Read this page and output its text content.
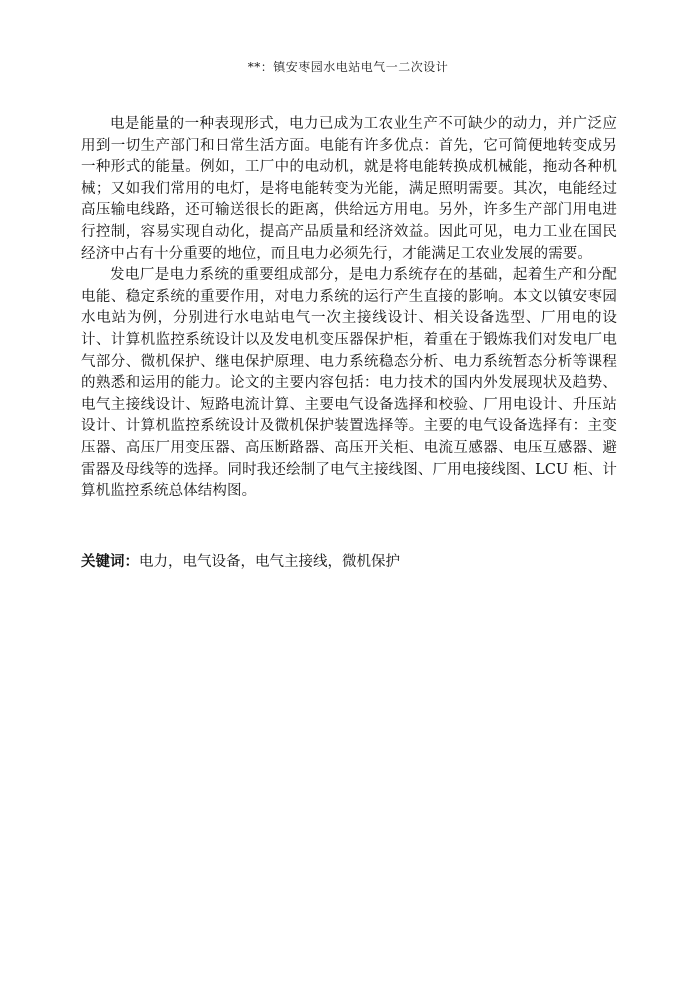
**：镇安枣园水电站电气一二次设计

电是能量的一种表现形式，电力已成为工农业生产不可缺少的动力，并广泛应用到一切生产部门和日常生活方面。电能有许多优点：首先，它可简便地转变成另一种形式的能量。例如，工厂中的电动机，就是将电能转换成机械能，拖动各种机械；又如我们常用的电灯，是将电能转变为光能，满足照明需要。其次，电能经过高压输电线路，还可输送很长的距离，供给远方用电。另外，许多生产部门用电进行控制，容易实现自动化，提高产品质量和经济效益。因此可见，电力工业在国民经济中占有十分重要的地位，而且电力必须先行，才能满足工农业发展的需要。

发电厂是电力系统的重要组成部分，是电力系统存在的基础，起着生产和分配电能、稳定系统的重要作用，对电力系统的运行产生直接的影响。本文以镇安枣园水电站为例，分别进行水电站电气一次主接线设计、相关设备选型、厂用电的设计、计算机监控系统设计以及发电机变压器保护柜，着重在于锻炼我们对发电厂电气部分、微机保护、继电保护原理、电力系统稳态分析、电力系统暂态分析等课程的熟悉和运用的能力。论文的主要内容包括：电力技术的国内外发展现状及趋势、电气主接线设计、短路电流计算、主要电气设备选择和校验、厂用电设计、升压站设计、计算机监控系统设计及微机保护装置选择等。主要的电气设备选择有：主变压器、高压厂用变压器、高压断路器、高压开关柜、电流互感器、电压互感器、避雷器及母线等的选择。同时我还绘制了电气主接线图、厂用电接线图、LCU 柜、计算机监控系统总体结构图。

关键词：电力，电气设备，电气主接线，微机保护
